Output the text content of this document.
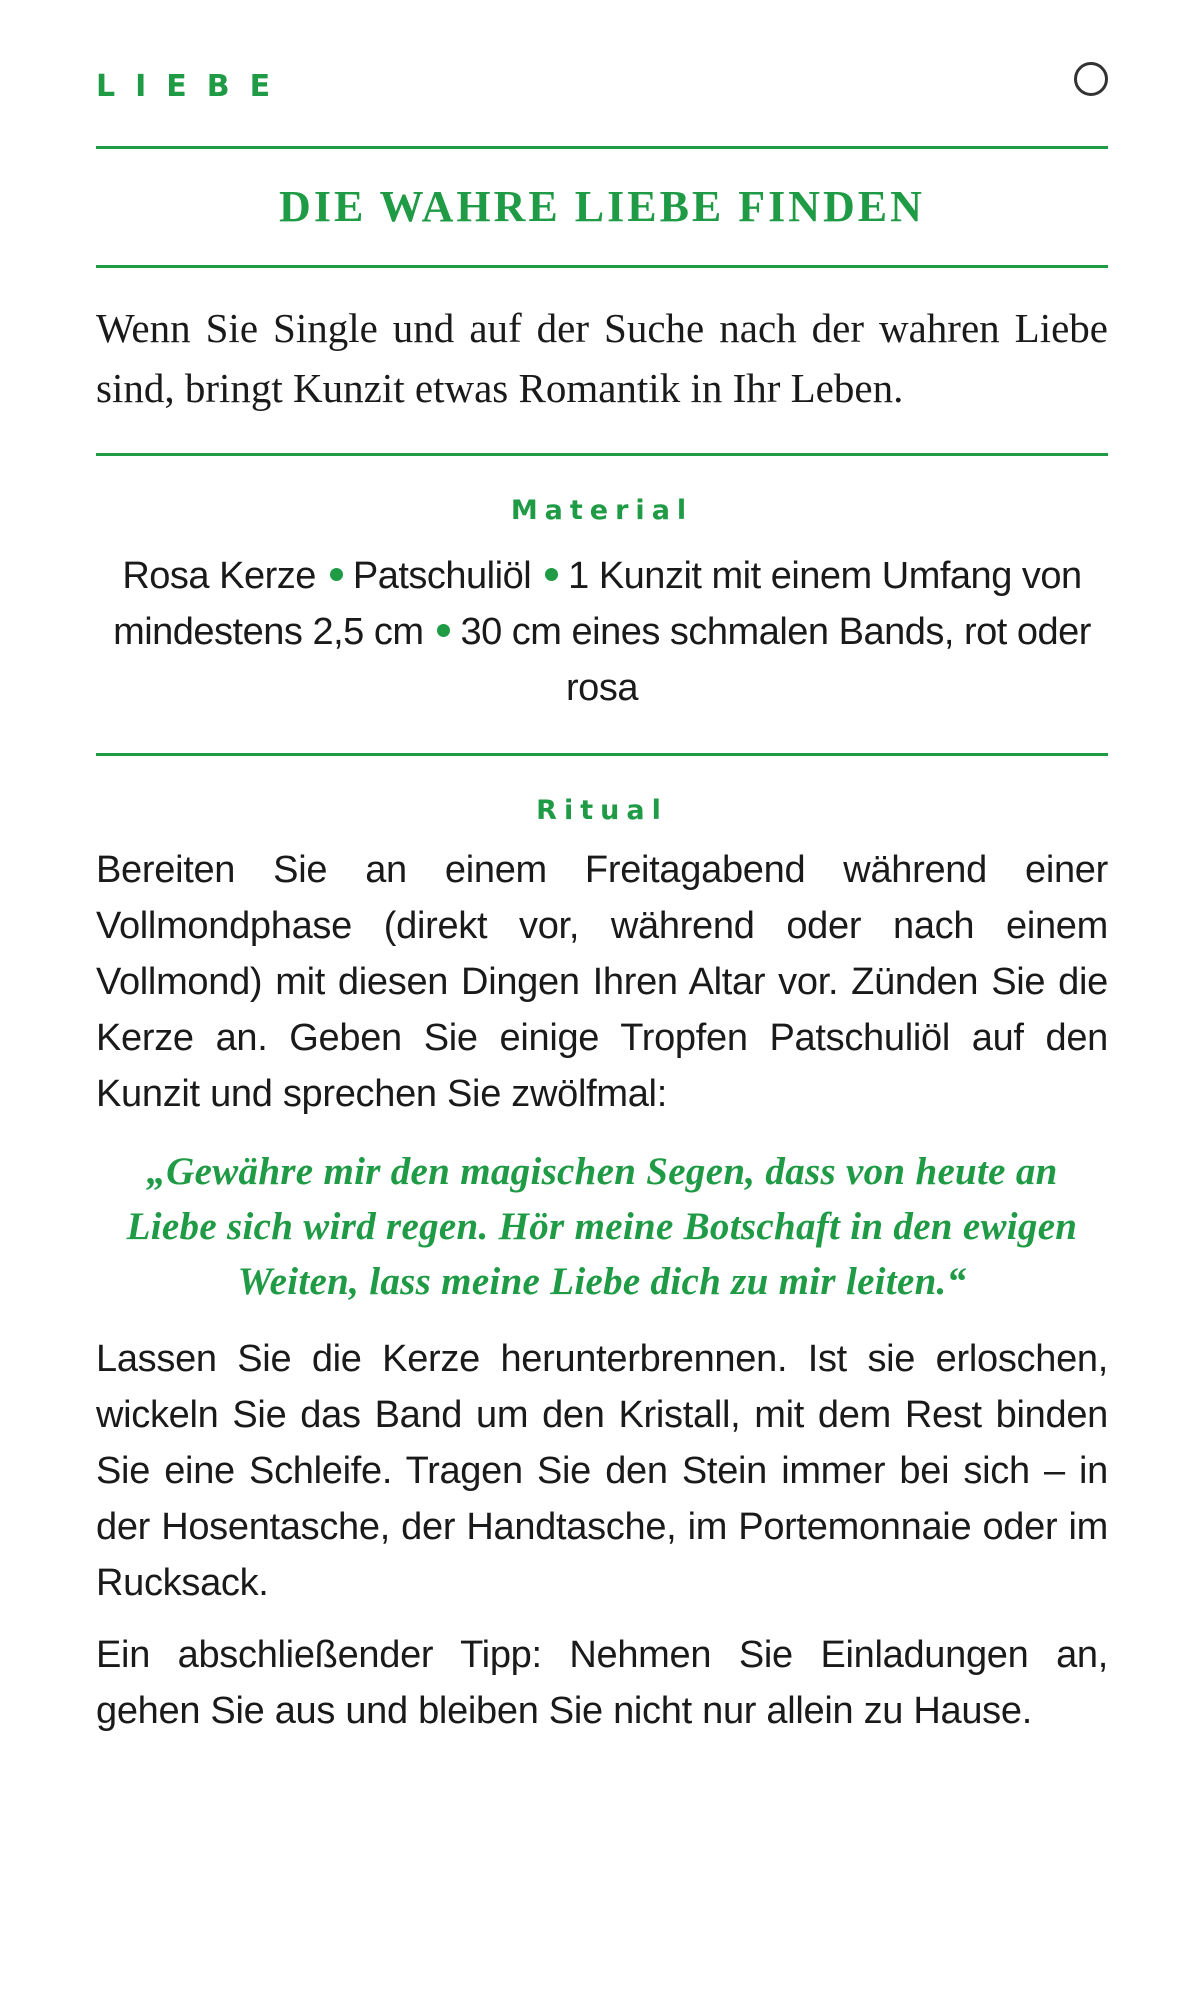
LIEBE
DIE WAHRE LIEBE FINDEN
Wenn Sie Single und auf der Suche nach der wahren Liebe sind, bringt Kunzit etwas Romantik in Ihr Leben.
Material
Rosa Kerze Patschuliöl 1 Kunzit mit einem Umfang von mindestens 2,5 cm 30 cm eines schmalen Bands, rot oder rosa
Ritual

Bereiten Sie an einem Freitagabend während einer Vollmondphase (direkt vor, während oder nach einem Vollmond) mit diesen Dingen Ihren Altar vor. Zünden Sie die Kerze an. Geben Sie einige Tropfen Patschuliöl auf den Kunzit und sprechen Sie zwölfmal:

„Gewähre mir den magischen Segen, dass von heute an Liebe sich wird regen. Hör meine Botschaft in den ewigen Weiten, lass meine Liebe dich zu mir leiten.“

Lassen Sie die Kerze herunterbrennen. Ist sie erloschen, wickeln Sie das Band um den Kristall, mit dem Rest binden Sie eine Schleife. Tragen Sie den Stein immer bei sich – in der Hosentasche, der Handtasche, im Portemonnaie oder im Rucksack.

Ein abschließender Tipp: Nehmen Sie Einladungen an, gehen Sie aus und bleiben Sie nicht nur allein zu Hause.
